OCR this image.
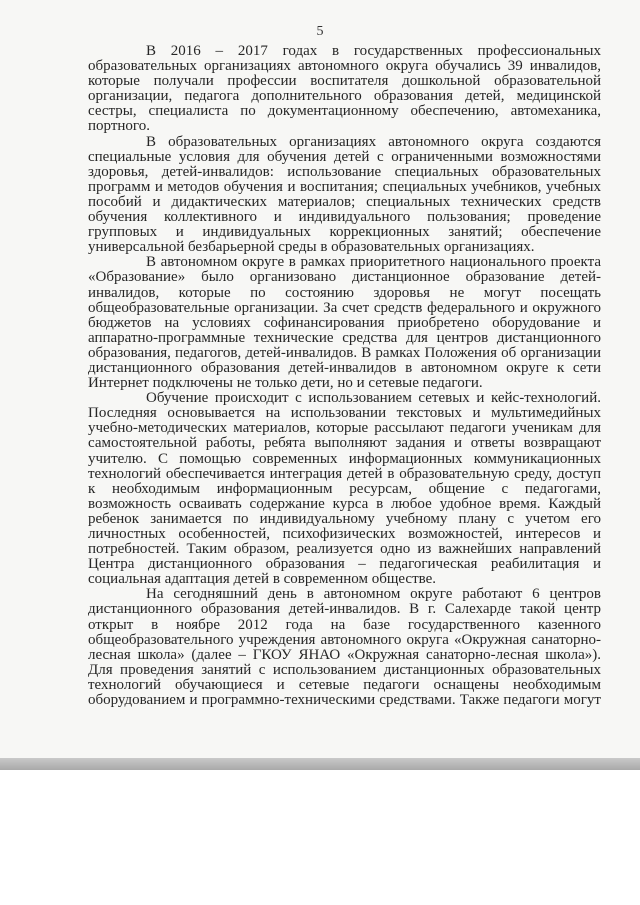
5
В 2016 – 2017 годах в государственных профессиональных
образовательных организациях автономного округа обучались 39 инвалидов,
которые получали профессии воспитателя дошкольной образовательной
организации, педагога дополнительного образования детей, медицинской
сестры, специалиста по документационному обеспечению, автомеханика,
портного.
В образовательных организациях автономного округа создаются
специальные условия для обучения детей с ограниченными возможностями
здоровья, детей-инвалидов: использование специальных образовательных
программ и методов обучения и воспитания; специальных учебников, учебных
пособий и дидактических материалов; специальных технических средств
обучения коллективного и индивидуального пользования; проведение
групповых и индивидуальных коррекционных занятий; обеспечение
универсальной безбарьерной среды в образовательных организациях.
В автономном округе в рамках приоритетного национального проекта
«Образование» было организовано дистанционное образование детей-
инвалидов, которые по состоянию здоровья не могут посещать
общеобразовательные организации. За счет средств федерального и окружного
бюджетов на условиях софинансирования приобретено оборудование и
аппаратно-программные технические средства для центров дистанционного
образования, педагогов, детей-инвалидов. В рамках Положения об организации
дистанционного образования детей-инвалидов в автономном округе к сети
Интернет подключены не только дети, но и сетевые педагоги.
Обучение происходит с использованием сетевых и кейс-технологий.
Последняя основывается на использовании текстовых и мультимедийных
учебно-методических материалов, которые рассылают педагоги ученикам для
самостоятельной работы, ребята выполняют задания и ответы возвращают
учителю. С помощью современных информационных коммуникационных
технологий обеспечивается интеграция детей в образовательную среду, доступ
к необходимым информационным ресурсам, общение с педагогами,
возможность осваивать содержание курса в любое удобное время. Каждый
ребенок занимается по индивидуальному учебному плану с учетом его
личностных особенностей, психофизических возможностей, интересов и
потребностей. Таким образом, реализуется одно из важнейших направлений
Центра дистанционного образования – педагогическая реабилитация и
социальная адаптация детей в современном обществе.
На сегодняшний день в автономном округе работают 6 центров
дистанционного образования детей-инвалидов. В г. Салехарде такой центр
открыт в ноябре 2012 года на базе государственного казенного
общеобразовательного учреждения автономного округа «Окружная санаторно-
лесная школа» (далее – ГКОУ ЯНАО «Окружная санаторно-лесная школа»).
Для проведения занятий с использованием дистанционных образовательных
технологий обучающиеся и сетевые педагоги оснащены необходимым
оборудованием и программно-техническими средствами. Также педагоги могут
